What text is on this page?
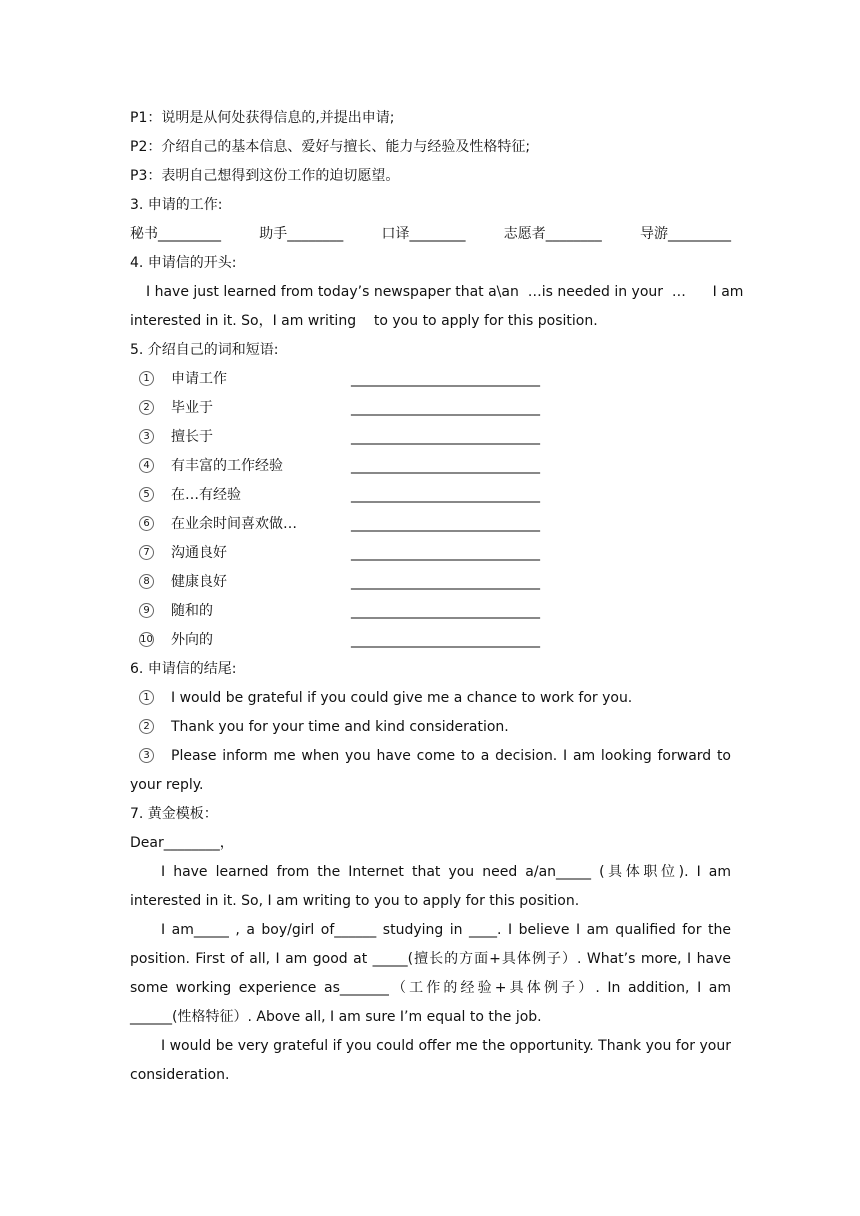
P1：说明是从何处获得信息的,并提出申请;
P2：介绍自己的基本信息、爱好与擅长、能力与经验及性格特征;
P3：表明自己想得到这份工作的迫切愿望。
3. 申请的工作:
秘书_________	助手________	口译________	志愿者________	导游_________
4. 申请信的开头:
I have just learned from today’s newspaper that a\an  …is needed in your  …      I am
interested in it. So，I am writing    to you to apply for this position.
5. 介绍自己的词和短语:
1 申请工作	___________________________
2 毕业于	___________________________
3 擅长于	___________________________
4 有丰富的工作经验	___________________________
5 在…有经验	___________________________
6 在业余时间喜欢做…	___________________________
7 沟通良好	___________________________
8 健康良好	___________________________
9 随和的	___________________________
10 外向的	___________________________
6. 申请信的结尾:
1 I would be grateful if you could give me a chance to work for you.
2 Thank you for your time and kind consideration.
3 Please inform me when you have come to a decision. I am looking forward to your reply.
7. 黄金模板：
Dear________，
I have learned from the Internet that you need a/an_____ (具体职位). I am interested in it. So, I am writing to you to apply for this position.
I am_____ , a boy/girl of______ studying in ____. I believe I am qualified for the position. First of all, I am good at _____(擅长的方面+具体例子）. What’s more, I have some working experience as_______（工作的经验+具体例子）. In addition, I am ______(性格特征）. Above all, I am sure I’m equal to the job.
I would be very grateful if you could offer me the opportunity. Thank you for your consideration.
